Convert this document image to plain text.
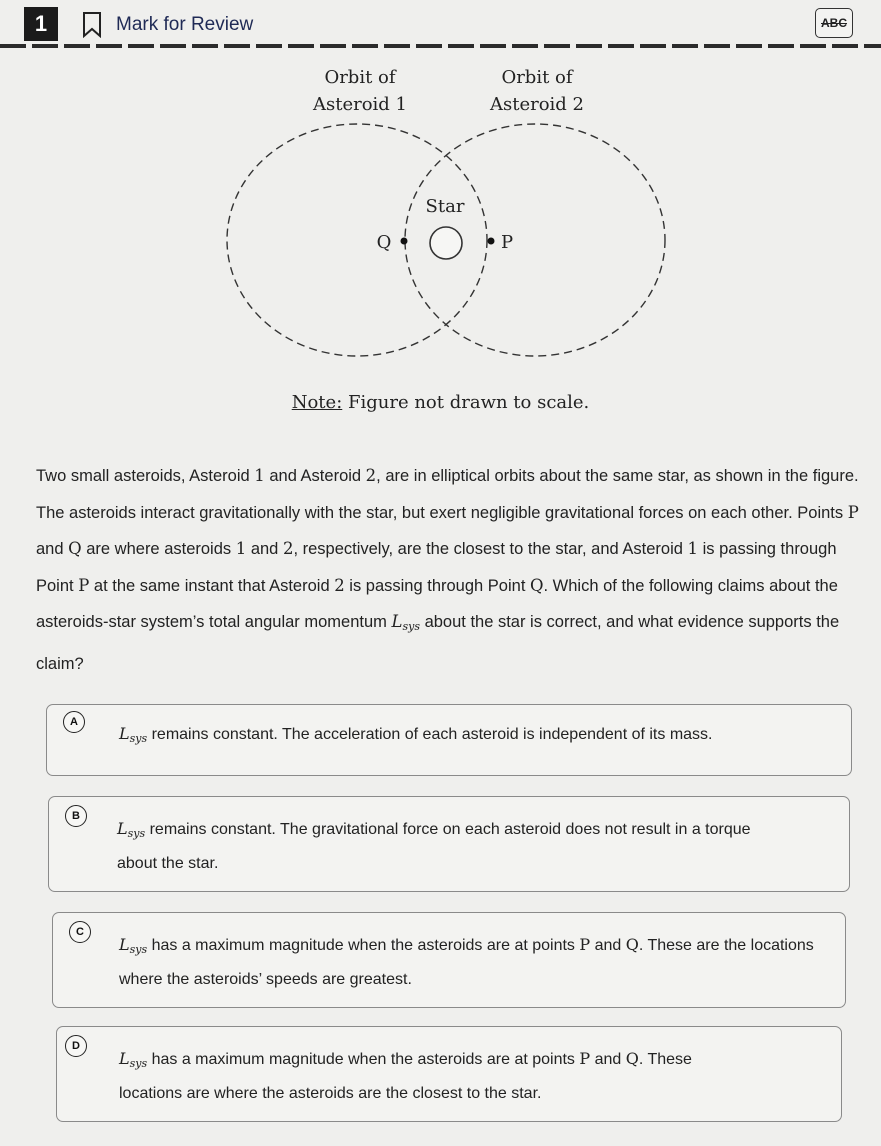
1	Mark for Review	ABC
Orbit of
Asteroid 1
Orbit of
Asteroid 2
Star
Q	P
Note: Figure not drawn to scale.
Two small asteroids, Asteroid 1 and Asteroid 2, are in elliptical orbits about the same star, as shown in the figure. The asteroids interact gravitationally with the star, but exert negligible gravitational forces on each other. Points P and Q are where asteroids 1 and 2, respectively, are the closest to the star, and Asteroid 1 is passing through Point P at the same instant that Asteroid 2 is passing through Point Q. Which of the following claims about the asteroids-star system’s total angular momentum $L_{sys}$ about the star is correct, and what evidence supports the claim?
A
$L_{sys}$ remains constant. The acceleration of each asteroid is independent of its mass.
B
$L_{sys}$ remains constant. The gravitational force on each asteroid does not result in a torque about the star.
C
$L_{sys}$ has a maximum magnitude when the asteroids are at points P and Q. These are the locations where the asteroids’ speeds are greatest.
D
$L_{sys}$ has a maximum magnitude when the asteroids are at points P and Q. These locations are where the asteroids are the closest to the star.
